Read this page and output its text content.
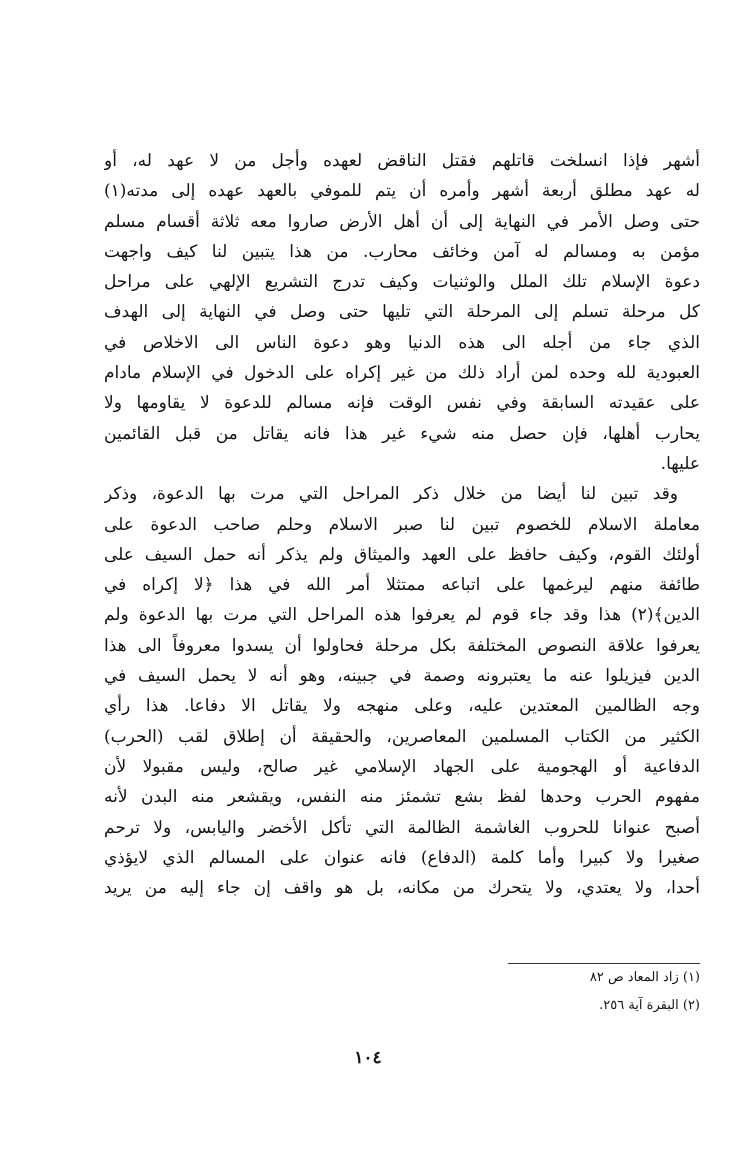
أشهر فإذا انسلخت قاتلهم فقتل الناقض لعهده وأجل من لا عهد له، أو
له عهد مطلق أربعة أشهر وأمره أن يتم للموفي بالعهد عهده إلى مدته(١)
حتى وصل الأمر في النهاية إلى أن أهل الأرض صاروا معه ثلاثة أقسام مسلم
مؤمن به ومسالم له آمن وخائف محارب. من هذا يتبين لنا كيف واجهت
دعوة الإسلام تلك الملل والوثنيات وكيف تدرج التشريع الإلهي على مراحل
كل مرحلة تسلم إلى المرحلة التي تليها حتى وصل في النهاية إلى الهدف
الذي جاء من أجله الى هذه الدنيا وهو دعوة الناس الى الاخلاص في
العبودية لله وحده لمن أراد ذلك من غير إكراه على الدخول في الإسلام مادام
على عقيدته السابقة وفي نفس الوقت فإنه مسالم للدعوة لا يقاومها ولا
يحارب أهلها، فإن حصل منه شيء غير هذا فانه يقاتل من قبل القائمين
عليها.
وقد تبين لنا أيضا من خلال ذكر المراحل التي مرت بها الدعوة، وذكر
معاملة الاسلام للخصوم تبين لنا صبر الاسلام وحلم صاحب الدعوة على
أولئك القوم، وكيف حافظ على العهد والميثاق ولم يذكر أنه حمل السيف على
طائفة منهم ليرغمها على اتباعه ممتثلا أمر الله في هذا ﴿لا إكراه في
الدين﴾(٢) هذا وقد جاء قوم لم يعرفوا هذه المراحل التي مرت بها الدعوة ولم
يعرفوا علاقة النصوص المختلفة بكل مرحلة فحاولوا أن يسدوا معروفاً الى هذا
الدين فيزيلوا عنه ما يعتبرونه وصمة في جبينه، وهو أنه لا يحمل السيف في
وجه الظالمين المعتدين عليه، وعلى منهجه ولا يقاتل الا دفاعا. هذا رأي
الكثير من الكتاب المسلمين المعاصرين، والحقيقة أن إطلاق لقب (الحرب)
الدفاعية أو الهجومية على الجهاد الإسلامي غير صالح، وليس مقبولا لأن
مفهوم الحرب وحدها لفظ بشع تشمئز منه النفس، ويقشعر منه البدن لأنه
أصبح عنوانا للحروب الغاشمة الظالمة التي تأكل الأخضر واليابس، ولا ترحم
صغيرا ولا كبيرا وأما كلمة (الدفاع) فانه عنوان على المسالم الذي لايؤذي
أحدا، ولا يعتدي، ولا يتحرك من مكانه، بل هو واقف إن جاء إليه من يريد
(١) زاد المعاد ص ٨٢
(٢) البقرة آية ٢٥٦.
١٠٤
